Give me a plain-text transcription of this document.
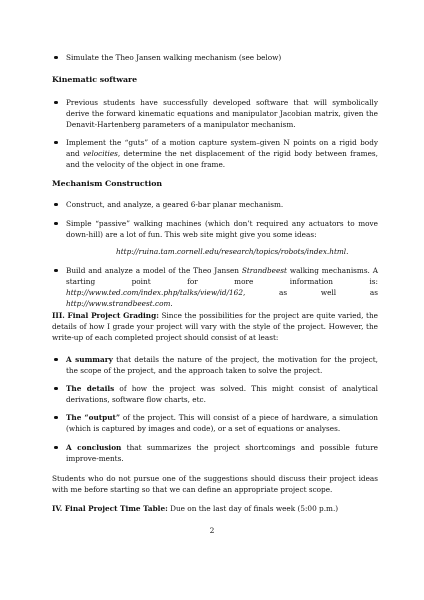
Simulate the Theo Jansen walking mechanism (see below)
Kinematic software
Previous students have successfully developed software that will symbolically derive the forward kinematic equations and manipulator Jacobian matrix, given the Denavit-Hartenberg parameters of a manipulator mechanism.
Implement the “guts” of a motion capture system–given N points on a rigid body and velocities, determine the net displacement of the rigid body between frames, and the velocity of the object in one frame.
Mechanism Construction
Construct, and analyze, a geared 6-bar planar mechanism.
Simple “passive” walking machines (which don’t required any actuators to move down-hill) are a lot of fun. This web site might give you some ideas:
http://ruina.tam.cornell.edu/research/topics/robots/index.html.
Build and analyze a model of the Theo Jansen Strandbeest walking mechanisms. A starting point for more information is: http://www.ted.com/index.php/talks/view/id/162, as well as http://www.strandbeest.com.
III. Final Project Grading: Since the possibilities for the project are quite varied, the details of how I grade your project will vary with the style of the project. However, the write-up of each completed project should consist of at least:
A summary that details the nature of the project, the motivation for the project, the scope of the project, and the approach taken to solve the project.
The details of how the project was solved. This might consist of analytical derivations, software flow charts, etc.
The “output” of the project. This will consist of a piece of hardware, a simulation (which is captured by images and code), or a set of equations or analyses.
A conclusion that summarizes the project shortcomings and possible future improve-ments.
Students who do not pursue one of the suggestions should discuss their project ideas with me before starting so that we can define an appropriate project scope.
IV. Final Project Time Table: Due on the last day of finals week (5:00 p.m.)
2
